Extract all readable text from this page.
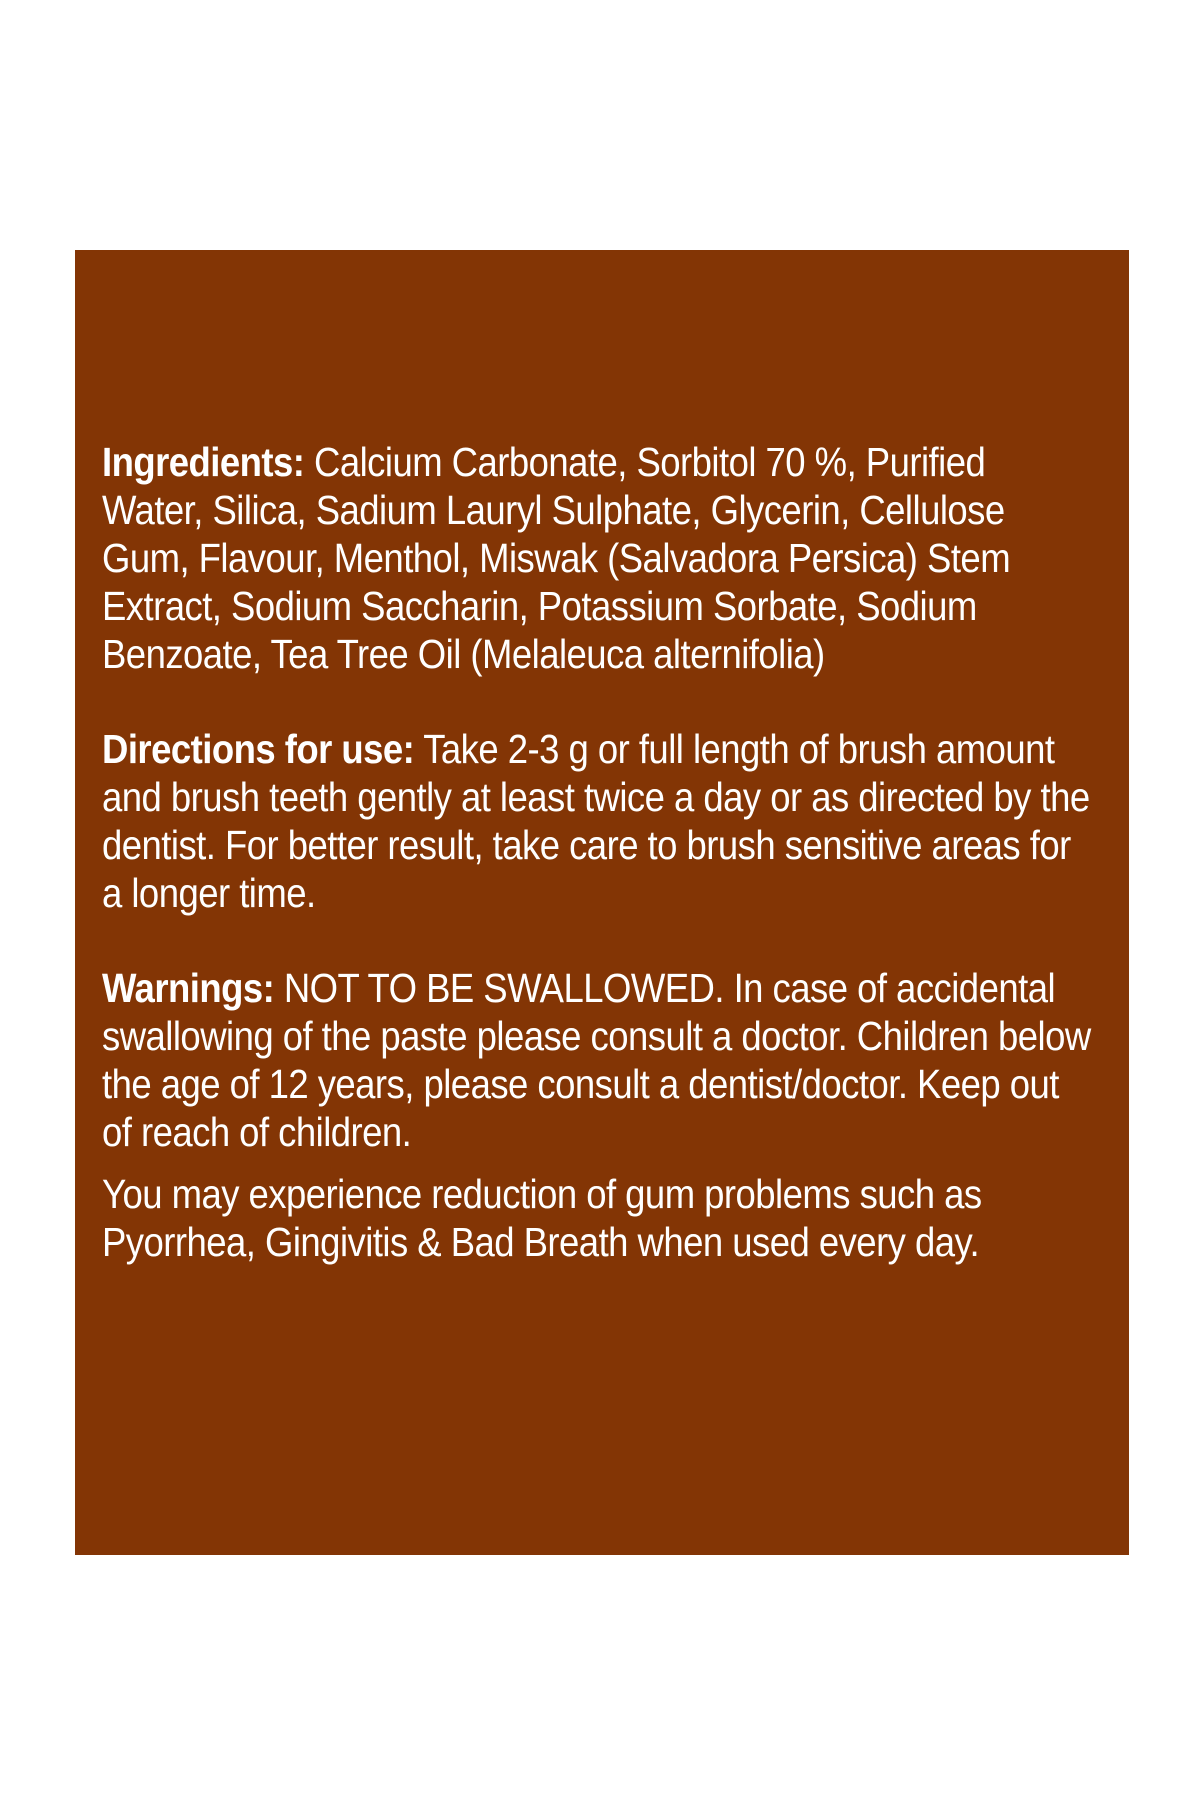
Ingredients: Calcium Carbonate, Sorbitol 70 %, Purified Water, Silica, Sadium Lauryl Sulphate, Glycerin, Cellulose Gum, Flavour, Menthol, Miswak (Salvadora Persica) Stem Extract, Sodium Saccharin, Potassium Sorbate, Sodium Benzoate, Tea Tree Oil (Melaleuca alternifolia)

Directions for use: Take 2-3 g or full length of brush amount and brush teeth gently at least twice a day or as directed by the dentist. For better result, take care to brush sensitive areas for a longer time.

Warnings: NOT TO BE SWALLOWED. In case of accidental swallowing of the paste please consult a doctor. Children below the age of 12 years, please consult a dentist/doctor. Keep out of reach of children.

You may experience reduction of gum problems such as Pyorrhea, Gingivitis & Bad Breath when used every day.
